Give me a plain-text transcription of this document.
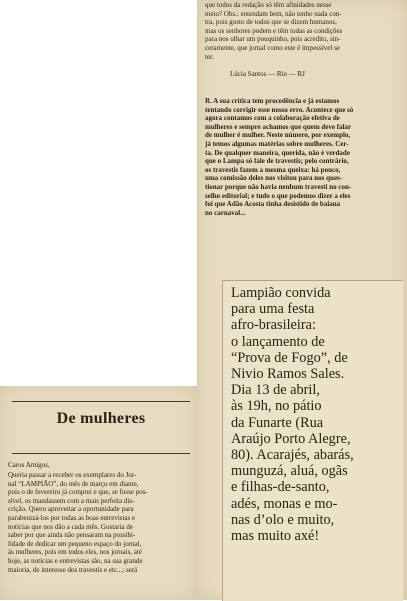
que todos da redação só têm afinidades nesse
meio? Obs.: entendam bem, não tenho nada con-
tra, pois gosto de todos que se dizem humanos,
mas os senhores podem e têm todas as condições
para nos olhar um pouquinho, pois acredito, sin-
ceramente, que jornal como este é impossível se
ter.
Lúcia Santos — Rio — RJ
R. A sua crítica tem procedência e já estamos
tentando corrigir esse nosso erro. Acontece que só
agora contamos com a colaboração efetiva de
mulheres e sempre achamos que quem deve falar
de mulher é mulher. Neste número, por exemplo,
já temos algumas matérias sobre mulheres. Cer-
ta. De qualquer maneira, querida, não é verdade
que o Lampa só fale de travestis; pelo contrário,
os travestis fazem a mesma queixa: há pouco,
uma comissão deles nos visitou para nos ques-
tionar porque não havia nenhum travesti no con-
selho editorial; e tudo o que podemos dizer a eles
foi que Adão Acosta tinha desistido de baiana
no carnaval...
Lampião convida
para uma festa
afro-brasileira:
o lançamento de
“Prova de Fogo”, de
Nivio Ramos Sales.
Dia 13 de abril,
às 19h, no pátio
da Funarte (Rua
Araújo Porto Alegre,
80). Acarajés, abarás,
munguzá, aluá, ogãs
e filhas-de-santo,
adés, monas e mo-
nas d’olo e muito,
mas muito axé!
De mulheres
Caros Amigos,
Queria passar a receber os exemplares do Jor-
nal “LAMPIÃO”, do mês de março em diante,
pois o de fevereiro já comprei e que, se fosse pos-
sível, os mandassem com a mais perfeita dis-
crição. Quero aproveitar a oportunidade para
parabenizá-los por todas as boas entrevistas e
notícias que nos dão a cada mês. Gostaria de
saber por que ainda não pensaram na possibi-
lidade de dedicar um pequeno espaço do jornal,
às mulheres, pois em todos eles, nos jornais, até
hoje, as notícias e entrevistas são, na sua grande
maioria, de interesse dos travestis e etc...; será
